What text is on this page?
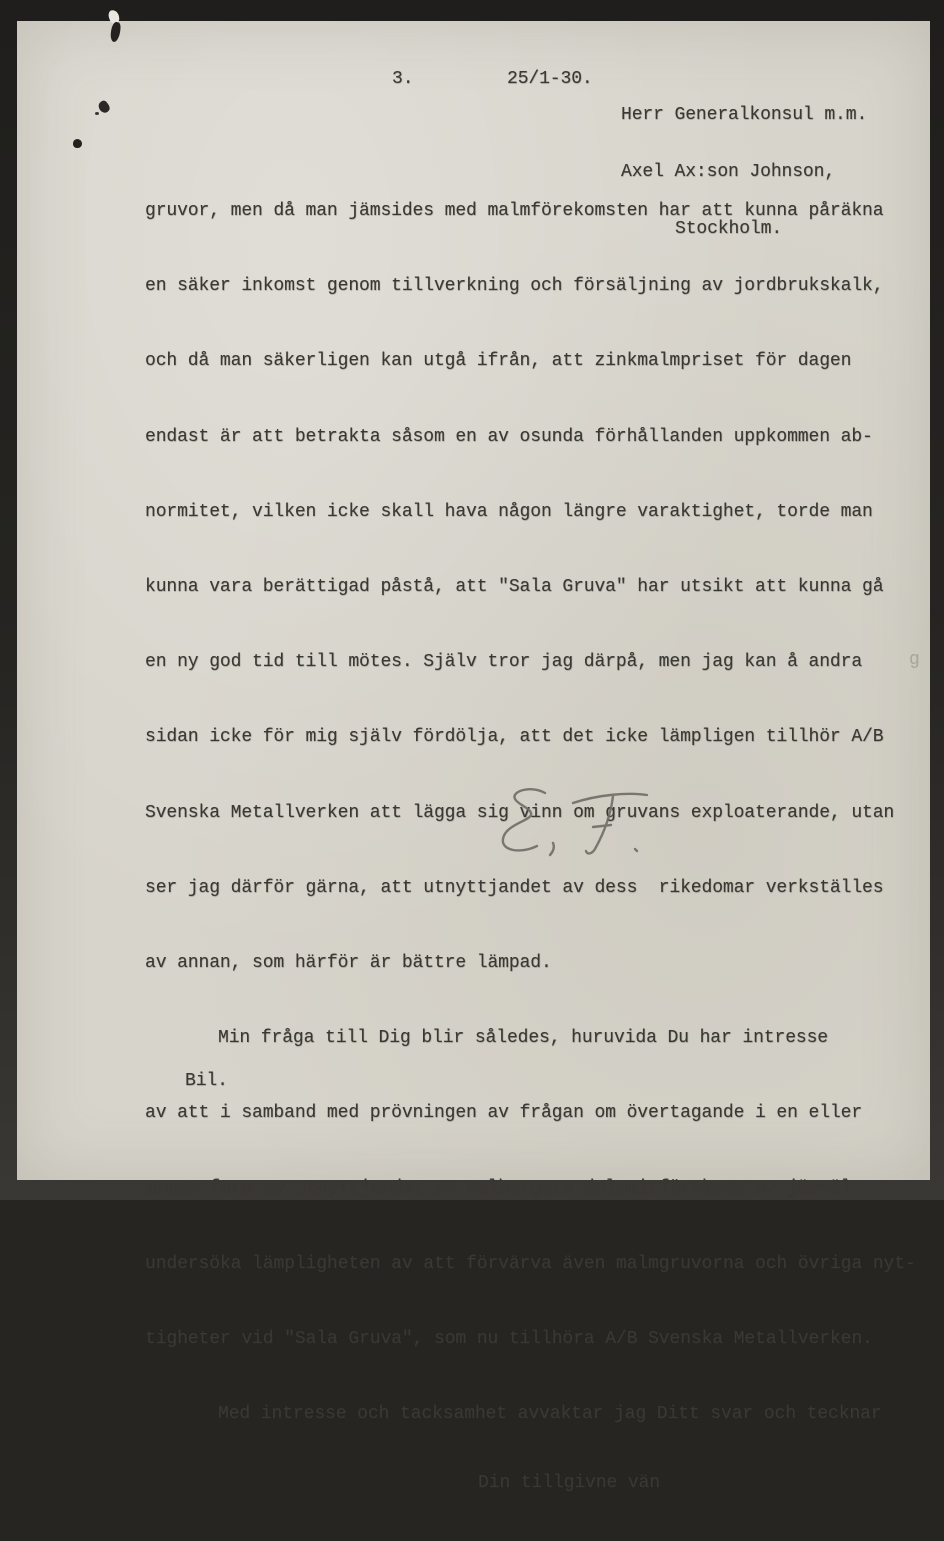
3.	25/1-30.

Herr Generalkonsul m.m.

Axel Ax:son Johnson,

Stockholm.

gruvor, men då man jämsides med malmförekomsten har att kunna påräkna

en säker inkomst genom tillverkning och försäljning av jordbrukskalk,

och då man säkerligen kan utgå ifrån, att zinkmalmpriset för dagen

endast är att betrakta såsom en av osunda förhållanden uppkommen ab-

normitet, vilken icke skall hava någon längre varaktighet, torde man

kunna vara berättigad påstå, att "Sala Gruva" har utsikt att kunna gå

en ny god tid till mötes. Själv tror jag därpå, men jag kan å andra

sidan icke för mig själv fördölja, att det icke lämpligen tillhör A/B

Svenska Metallverken att lägga sig vinn om gruvans exploaterande, utan

ser jag därför gärna, att utnyttjandet av dess  rikedomar verkställes

av annan, som härför är bättre lämpad.

Min fråga till Dig blir således, huruvida Du har intresse

av att i samband med prövningen av frågan om övertagande i en eller

annan form av utnyttjandet av Salbergets dolomitförekomster jämväl

undersöka lämpligheten av att förvärva även malmgruvorna och övriga nyt-

tigheter vid "Sala Gruva", som nu tillhöra A/B Svenska Metallverken.

Med intresse och tacksamhet avvaktar jag Ditt svar och tecknar

Din tillgivne vän

Bil.
g
